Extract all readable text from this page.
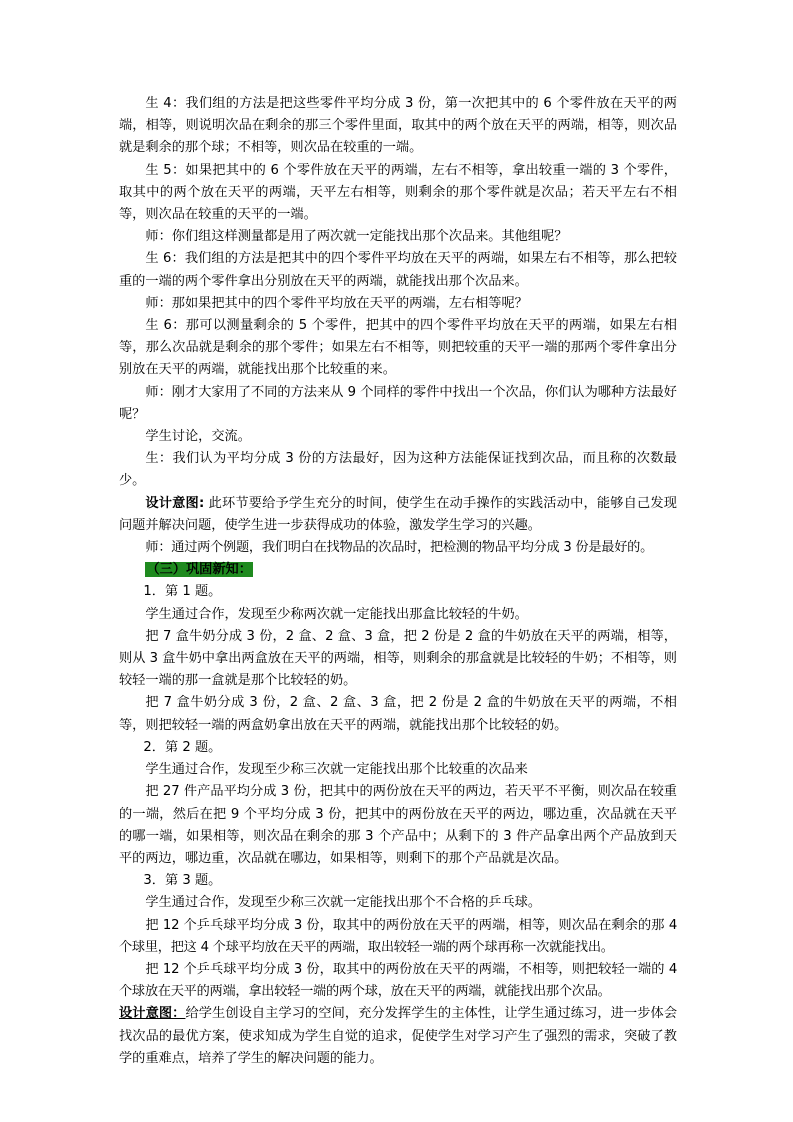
生 4：我们组的方法是把这些零件平均分成 3 份，第一次把其中的 6 个零件放在天平的两端，相等，则说明次品在剩余的那三个零件里面，取其中的两个放在天平的两端，相等，则次品就是剩余的那个球；不相等，则次品在较重的一端。

生 5：如果把其中的 6 个零件放在天平的两端，左右不相等，拿出较重一端的 3 个零件，取其中的两个放在天平的两端，天平左右相等，则剩余的那个零件就是次品；若天平左右不相等，则次品在较重的天平的一端。

师：你们组这样测量都是用了两次就一定能找出那个次品来。其他组呢？

生 6：我们组的方法是把其中的四个零件平均放在天平的两端，如果左右不相等，那么把较重的一端的两个零件拿出分别放在天平的两端，就能找出那个次品来。

师：那如果把其中的四个零件平均放在天平的两端，左右相等呢？

生 6：那可以测量剩余的 5 个零件，把其中的四个零件平均放在天平的两端，如果左右相等，那么次品就是剩余的那个零件；如果左右不相等，则把较重的天平一端的那两个零件拿出分别放在天平的两端，就能找出那个比较重的来。

师：刚才大家用了不同的方法来从 9 个同样的零件中找出一个次品，你们认为哪种方法最好呢？

学生讨论，交流。

生：我们认为平均分成 3 份的方法最好，因为这种方法能保证找到次品，而且称的次数最少。

设计意图: 此环节要给予学生充分的时间，使学生在动手操作的实践活动中，能够自己发现问题并解决问题，使学生进一步获得成功的体验，激发学生学习的兴趣。

师：通过两个例题，我们明白在找物品的次品时，把检测的物品平均分成 3 份是最好的。

（三）巩固新知：

1．第 1 题。

学生通过合作，发现至少称两次就一定能找出那盒比较轻的牛奶。

把 7 盒牛奶分成 3 份，2 盒、2 盒、3 盒，把 2 份是 2 盒的牛奶放在天平的两端，相等，则从 3 盒牛奶中拿出两盒放在天平的两端，相等，则剩余的那盒就是比较轻的牛奶；不相等，则较轻一端的那一盒就是那个比较轻的奶。

把 7 盒牛奶分成 3 份，2 盒、2 盒、3 盒，把 2 份是 2 盒的牛奶放在天平的两端，不相等，则把较轻一端的两盒奶拿出放在天平的两端，就能找出那个比较轻的奶。

2．第 2 题。

学生通过合作，发现至少称三次就一定能找出那个比较重的次品来

把 27 件产品平均分成 3 份，把其中的两份放在天平的两边，若天平不平衡，则次品在较重的一端，然后在把 9 个平均分成 3 份，把其中的两份放在天平的两边，哪边重，次品就在天平的哪一端，如果相等，则次品在剩余的那 3 个产品中；从剩下的 3 件产品拿出两个产品放到天平的两边，哪边重，次品就在哪边，如果相等，则剩下的那个产品就是次品。

3．第 3 题。

学生通过合作，发现至少称三次就一定能找出那个不合格的乒乓球。

把 12 个乒乓球平均分成 3 份，取其中的两份放在天平的两端，相等，则次品在剩余的那 4 个球里，把这 4 个球平均放在天平的两端，取出较轻一端的两个球再称一次就能找出。

把 12 个乒乓球平均分成 3 份，取其中的两份放在天平的两端，不相等，则把较轻一端的 4 个球放在天平的两端，拿出较轻一端的两个球，放在天平的两端，就能找出那个次品。

设计意图：给学生创设自主学习的空间，充分发挥学生的主体性，让学生通过练习，进一步体会找次品的最优方案，使求知成为学生自觉的追求，促使学生对学习产生了强烈的需求，突破了教学的重难点，培养了学生的解决问题的能力。
